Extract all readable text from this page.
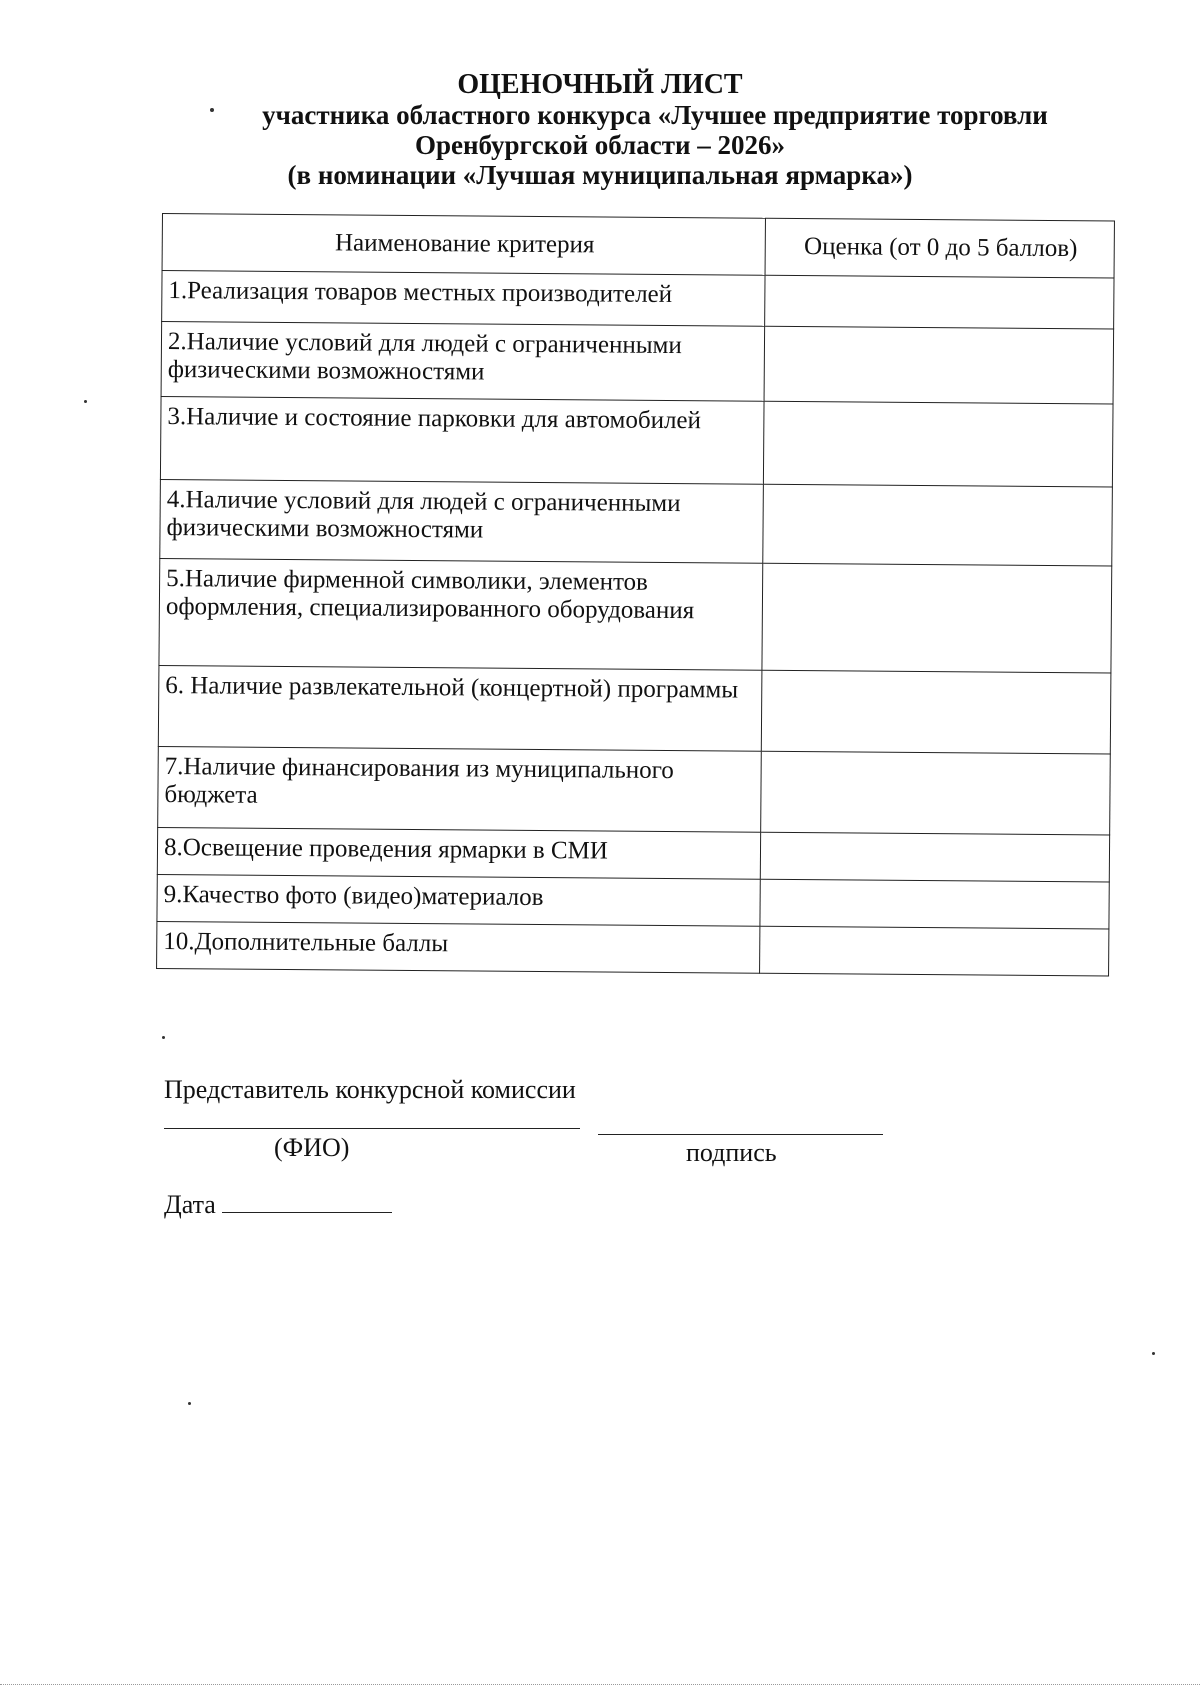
ОЦЕНОЧНЫЙ ЛИСТ
участника областного конкурса «Лучшее предприятие торговли
Оренбургской области – 2026»
(в номинации «Лучшая муниципальная ярмарка»)
Наименование критерия	Оценка (от 0 до 5 баллов)
1.Реализация товаров местных производителей	
2.Наличие условий для людей с ограниченными физическими возможностями	
3.Наличие и состояние парковки для автомобилей	
4.Наличие условий для людей с ограниченными физическими возможностями	
5.Наличие фирменной символики, элементов оформления, специализированного оборудования	
6. Наличие развлекательной (концертной) программы	
7.Наличие финансирования из муниципального бюджета	
8.Освещение проведения ярмарки в СМИ	
9.Качество фото (видео)материалов	
10.Дополнительные баллы	
Представитель конкурсной комиссии
(ФИО)	подпись
Дата
